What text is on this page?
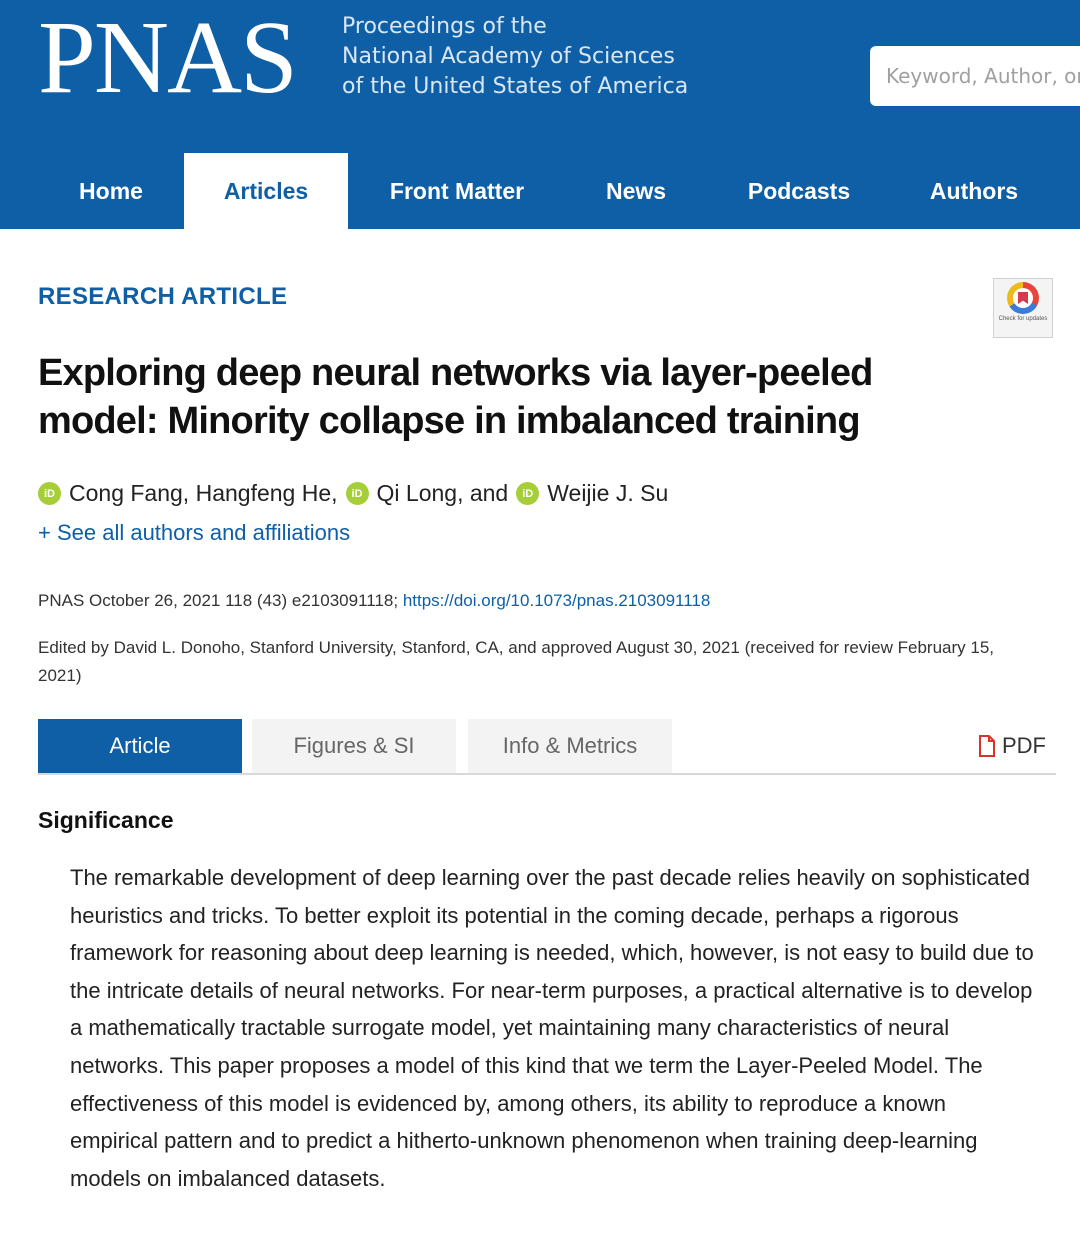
PNAS Proceedings of the
National Academy of Sciences
of the United States of America
Keyword, Author, or DOI
Home	Articles	Front Matter	News	Podcasts	Authors
Check for updates
RESEARCH ARTICLE
Exploring deep neural networks via layer-peeled model: Minority collapse in imbalanced training
iD Cong Fang, Hangfeng He,	iD Qi Long, and	iD Weijie J. Su
+ See all authors and affiliations
PNAS October 26, 2021 118 (43) e2103091118; https://doi.org/10.1073/pnas.2103091118
Edited by David L. Donoho, Stanford University, Stanford, CA, and approved August 30, 2021 (received for review February 15, 2021)
Article	Figures & SI	Info & Metrics	PDF
Significance

The remarkable development of deep learning over the past decade relies heavily on sophisticated heuristics and tricks. To better exploit its potential in the coming decade, perhaps a rigorous framework for reasoning about deep learning is needed, which, however, is not easy to build due to the intricate details of neural networks. For near-term purposes, a practical alternative is to develop a mathematically tractable surrogate model, yet maintaining many characteristics of neural networks. This paper proposes a model of this kind that we term the Layer-Peeled Model. The effectiveness of this model is evidenced by, among others, its ability to reproduce a known empirical pattern and to predict a hitherto-unknown phenomenon when training deep-learning models on imbalanced datasets.
